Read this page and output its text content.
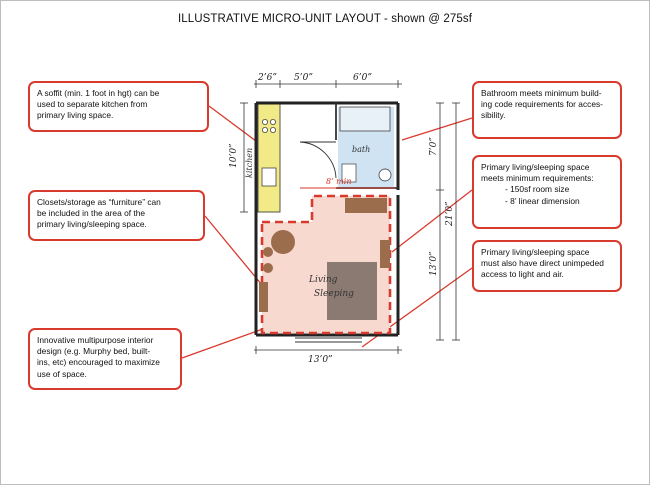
ILLUSTRATIVE MICRO-UNIT LAYOUT - shown @ 275sf
2’6” 5’0”	6’0”
13’0”
10’0”	7’0”
13’0”
21’0”
kitchen	bath
8’ min
Living
Sleeping
A soffit (min. 1 foot in hgt) can be
used to separate kitchen from
primary living space.
Bathroom meets minimum build-
ing code requirements for acces-
sibility.
Closets/storage as “furniture” can
be included in the area of the
primary living/sleeping space.
Primary living/sleeping space
meets minimum requirements:
- 150sf room size
- 8’ linear dimension
Primary living/sleeping space
must also have direct unimpeded
access to light and air.
Innovative multipurpose interior
design (e.g. Murphy bed, built-
ins, etc) encouraged to maximize
use of space.
